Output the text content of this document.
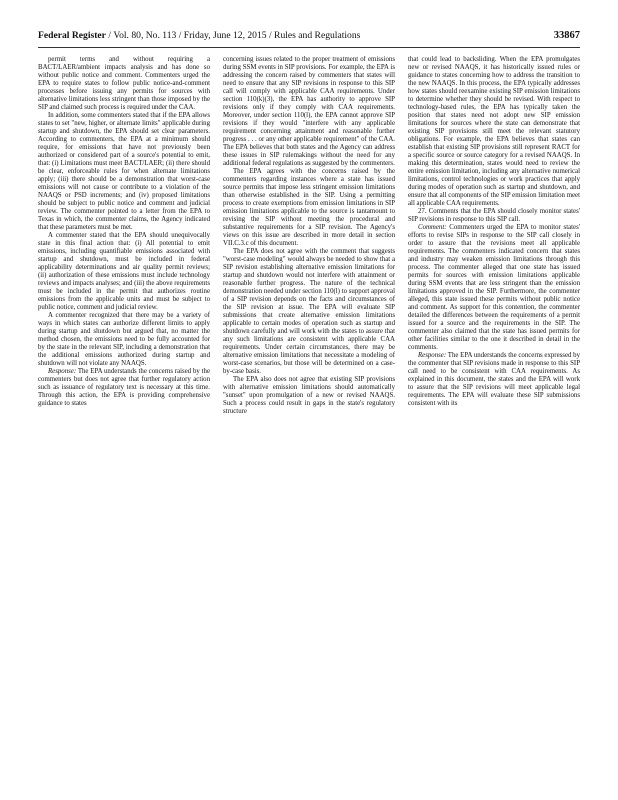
Federal Register / Vol. 80, No. 113 / Friday, June 12, 2015 / Rules and Regulations	33867

permit terms and without requiring a BACT/LAER/ambient impacts analysis and has done so without public notice and comment. Commenters urged the EPA to require states to follow public notice-and-comment processes before issuing any permits for sources with alternative limitations less stringent than those imposed by the SIP and claimed such process is required under the CAA.

In addition, some commenters stated that if the EPA allows states to set "new, higher, or alternate limits" applicable during startup and shutdown, the EPA should set clear parameters. According to commenters, the EPA at a minimum should require, for emissions that have not previously been authorized or considered part of a source's potential to emit, that: (i) Limitations must meet BACT/LAER; (ii) there should be clear, enforceable rules for when alternate limitations apply; (iii) there should be a demonstration that worst-case emissions will not cause or contribute to a violation of the NAAQS or PSD increments; and (iv) proposed limitations should be subject to public notice and comment and judicial review. The commenter pointed to a letter from the EPA to Texas in which, the commenter claims, the Agency indicated that these parameters must be met.

A commenter stated that the EPA should unequivocally state in this final action that: (i) All potential to emit emissions, including quantifiable emissions associated with startup and shutdown, must be included in federal applicability determinations and air quality permit reviews; (ii) authorization of these emissions must include technology reviews and impacts analyses; and (iii) the above requirements must be included in the permit that authorizes routine emissions from the applicable units and must be subject to public notice, comment and judicial review.

A commenter recognized that there may be a variety of ways in which states can authorize different limits to apply during startup and shutdown but argued that, no matter the method chosen, the emissions need to be fully accounted for by the state in the relevant SIP, including a demonstration that the additional emissions authorized during startup and shutdown will not violate any NAAQS.

Response: The EPA understands the concerns raised by the commenters but does not agree that further regulatory action such as issuance of regulatory text is necessary at this time. Through this action, the EPA is providing comprehensive guidance to states

concerning issues related to the proper treatment of emissions during SSM events in SIP provisions. For example, the EPA is addressing the concern raised by commenters that states will need to ensure that any SIP revisions in response to this SIP call will comply with applicable CAA requirements. Under section 110(k)(3), the EPA has authority to approve SIP revisions only if they comply with CAA requirements. Moreover, under section 110(l), the EPA cannot approve SIP revisions if they would "interfere with any applicable requirement concerning attainment and reasonable further progress . . . or any other applicable requirement" of the CAA. The EPA believes that both states and the Agency can address these issues in SIP rulemakings without the need for any additional federal regulations as suggested by the commenters.

The EPA agrees with the concerns raised by the commenters regarding instances where a state has issued source permits that impose less stringent emission limitations than otherwise established in the SIP. Using a permitting process to create exemptions from emission limitations in SIP emission limitations applicable to the source is tantamount to revising the SIP without meeting the procedural and substantive requirements for a SIP revision. The Agency's views on this issue are described in more detail in section VII.C.3.c of this document.

The EPA does not agree with the comment that suggests "worst-case modeling" would always be needed to show that a SIP revision establishing alternative emission limitations for startup and shutdown would not interfere with attainment or reasonable further progress. The nature of the technical demonstration needed under section 110(l) to support approval of a SIP revision depends on the facts and circumstances of the SIP revision at issue. The EPA will evaluate SIP submissions that create alternative emission limitations applicable to certain modes of operation such as startup and shutdown carefully and will work with the states to assure that any such limitations are consistent with applicable CAA requirements. Under certain circumstances, there may be alternative emission limitations that necessitate a modeling of worst-case scenarios, but those will be determined on a case-by-case basis.

The EPA also does not agree that existing SIP provisions with alternative emission limitations should automatically "sunset" upon promulgation of a new or revised NAAQS. Such a process could result in gaps in the state's regulatory structure

that could lead to backsliding. When the EPA promulgates new or revised NAAQS, it has historically issued rules or guidance to states concerning how to address the transition to the new NAAQS. In this process, the EPA typically addresses how states should reexamine existing SIP emission limitations to determine whether they should be revised. With respect to technology-based rules, the EPA has typically taken the position that states need not adopt new SIP emission limitations for sources where the state can demonstrate that existing SIP provisions still meet the relevant statutory obligations. For example, the EPA believes that states can establish that existing SIP provisions still represent RACT for a specific source or source category for a revised NAAQS. In making this determination, states would need to review the entire emission limitation, including any alternative numerical limitations, control technologies or work practices that apply during modes of operation such as startup and shutdown, and ensure that all components of the SIP emission limitation meet all applicable CAA requirements.

27. Comments that the EPA should closely monitor states' SIP revisions in response to this SIP call.

Comment: Commenters urged the EPA to monitor states' efforts to revise SIPs in response to the SIP call closely in order to assure that the revisions meet all applicable requirements. The commenters indicated concern that states and industry may weaken emission limitations through this process. The commenter alleged that one state has issued permits for sources with emission limitations applicable during SSM events that are less stringent than the emission limitations approved in the SIP. Furthermore, the commenter alleged, this state issued these permits without public notice and comment. As support for this contention, the commenter detailed the differences between the requirements of a permit issued for a source and the requirements in the SIP. The commenter also claimed that the state has issued permits for other facilities similar to the one it described in detail in the comments.

Response: The EPA understands the concerns expressed by the commenter that SIP revisions made in response to this SIP call need to be consistent with CAA requirements. As explained in this document, the states and the EPA will work to assure that the SIP revisions will meet applicable legal requirements. The EPA will evaluate these SIP submissions consistent with its
